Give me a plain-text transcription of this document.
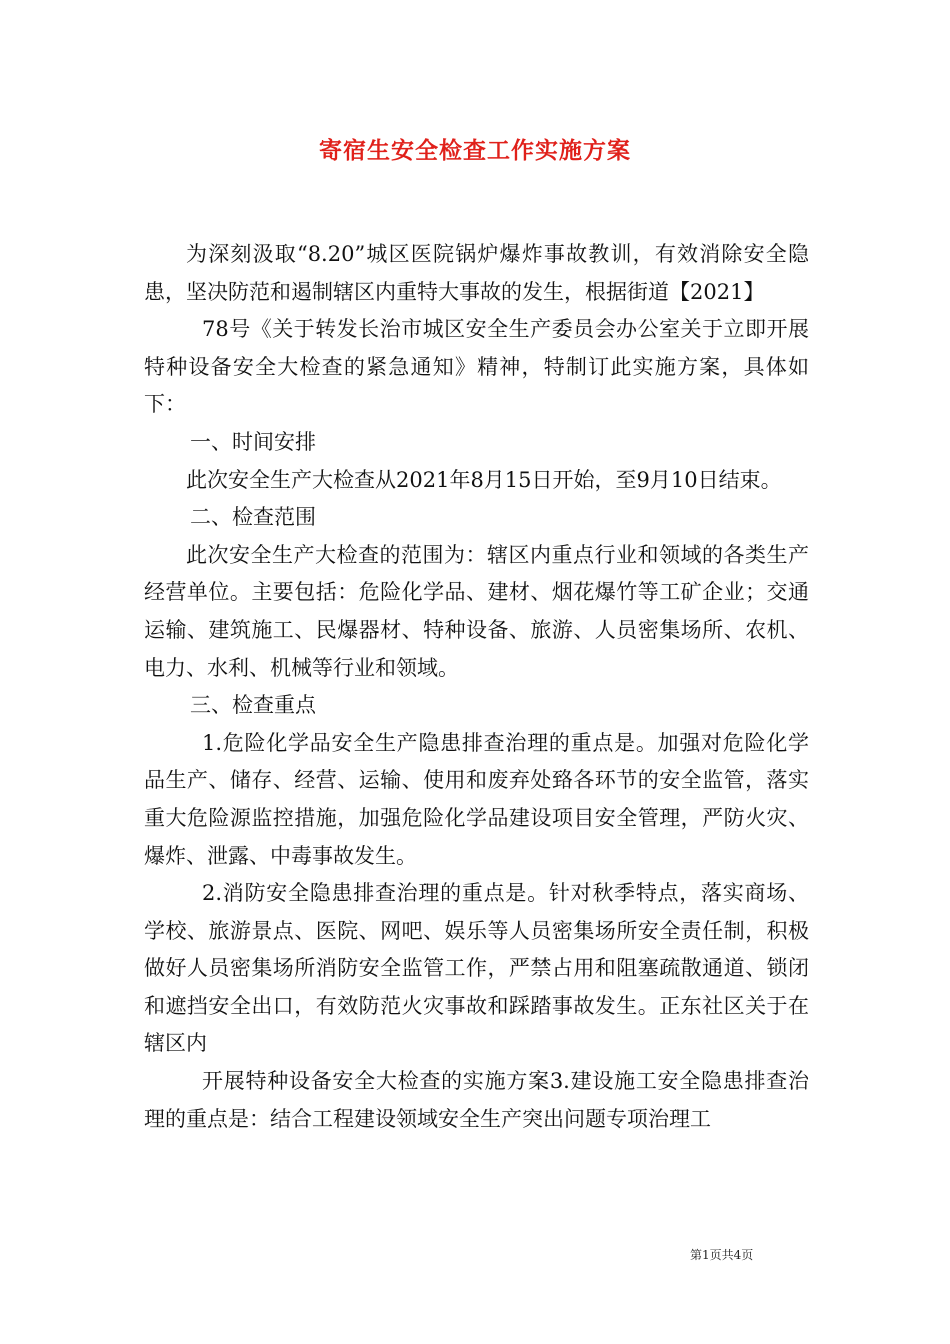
寄宿生安全检查工作实施方案

为深刻汲取“8.20”城区医院锅炉爆炸事故教训，有效消除安全隐患，坚决防范和遏制辖区内重特大事故的发生，根据街道【2021】

78号《关于转发长治市城区安全生产委员会办公室关于立即开展特种设备安全大检查的紧急通知》精神，特制订此实施方案，具体如下：

一、时间安排

此次安全生产大检查从2021年8月15日开始，至9月10日结束。

二、检查范围

此次安全生产大检查的范围为：辖区内重点行业和领域的各类生产经营单位。主要包括：危险化学品、建材、烟花爆竹等工矿企业；交通运输、建筑施工、民爆器材、特种设备、旅游、人员密集场所、农机、电力、水利、机械等行业和领域。

三、检查重点

1.危险化学品安全生产隐患排查治理的重点是。加强对危险化学品生产、储存、经营、运输、使用和废弃处臵各环节的安全监管，落实重大危险源监控措施，加强危险化学品建设项目安全管理，严防火灾、爆炸、泄露、中毒事故发生。

2.消防安全隐患排查治理的重点是。针对秋季特点，落实商场、学校、旅游景点、医院、网吧、娱乐等人员密集场所安全责任制，积极做好人员密集场所消防安全监管工作，严禁占用和阻塞疏散通道、锁闭和遮挡安全出口，有效防范火灾事故和踩踏事故发生。正东社区关于在辖区内

开展特种设备安全大检查的实施方案3.建设施工安全隐患排查治理的重点是：结合工程建设领域安全生产突出问题专项治理工

第1页共4页
